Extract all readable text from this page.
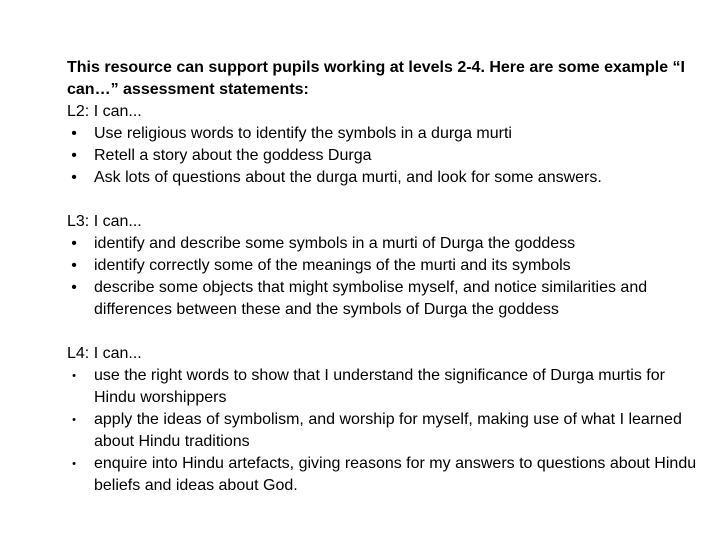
This resource can support pupils working at levels 2-4. Here are some example “I can…” assessment statements:

L2: I can...

• Use religious words to identify the symbols in a durga murti
• Retell a story about the goddess Durga
• Ask lots of questions about the durga murti, and look for some answers.

L3: I can...

• identify and describe some symbols in a murti of Durga the goddess
• identify correctly some of the meanings of the murti and its symbols
• describe some objects that might symbolise myself, and notice similarities and differences between these and the symbols of Durga the goddess

L4: I can...

•	use the right words to show that I understand the significance of Durga murtis for Hindu worshippers
•	apply the ideas of symbolism, and worship for myself, making use of what I learned about Hindu traditions
•	enquire into Hindu artefacts, giving reasons for my answers to questions about Hindu beliefs and ideas about God.
